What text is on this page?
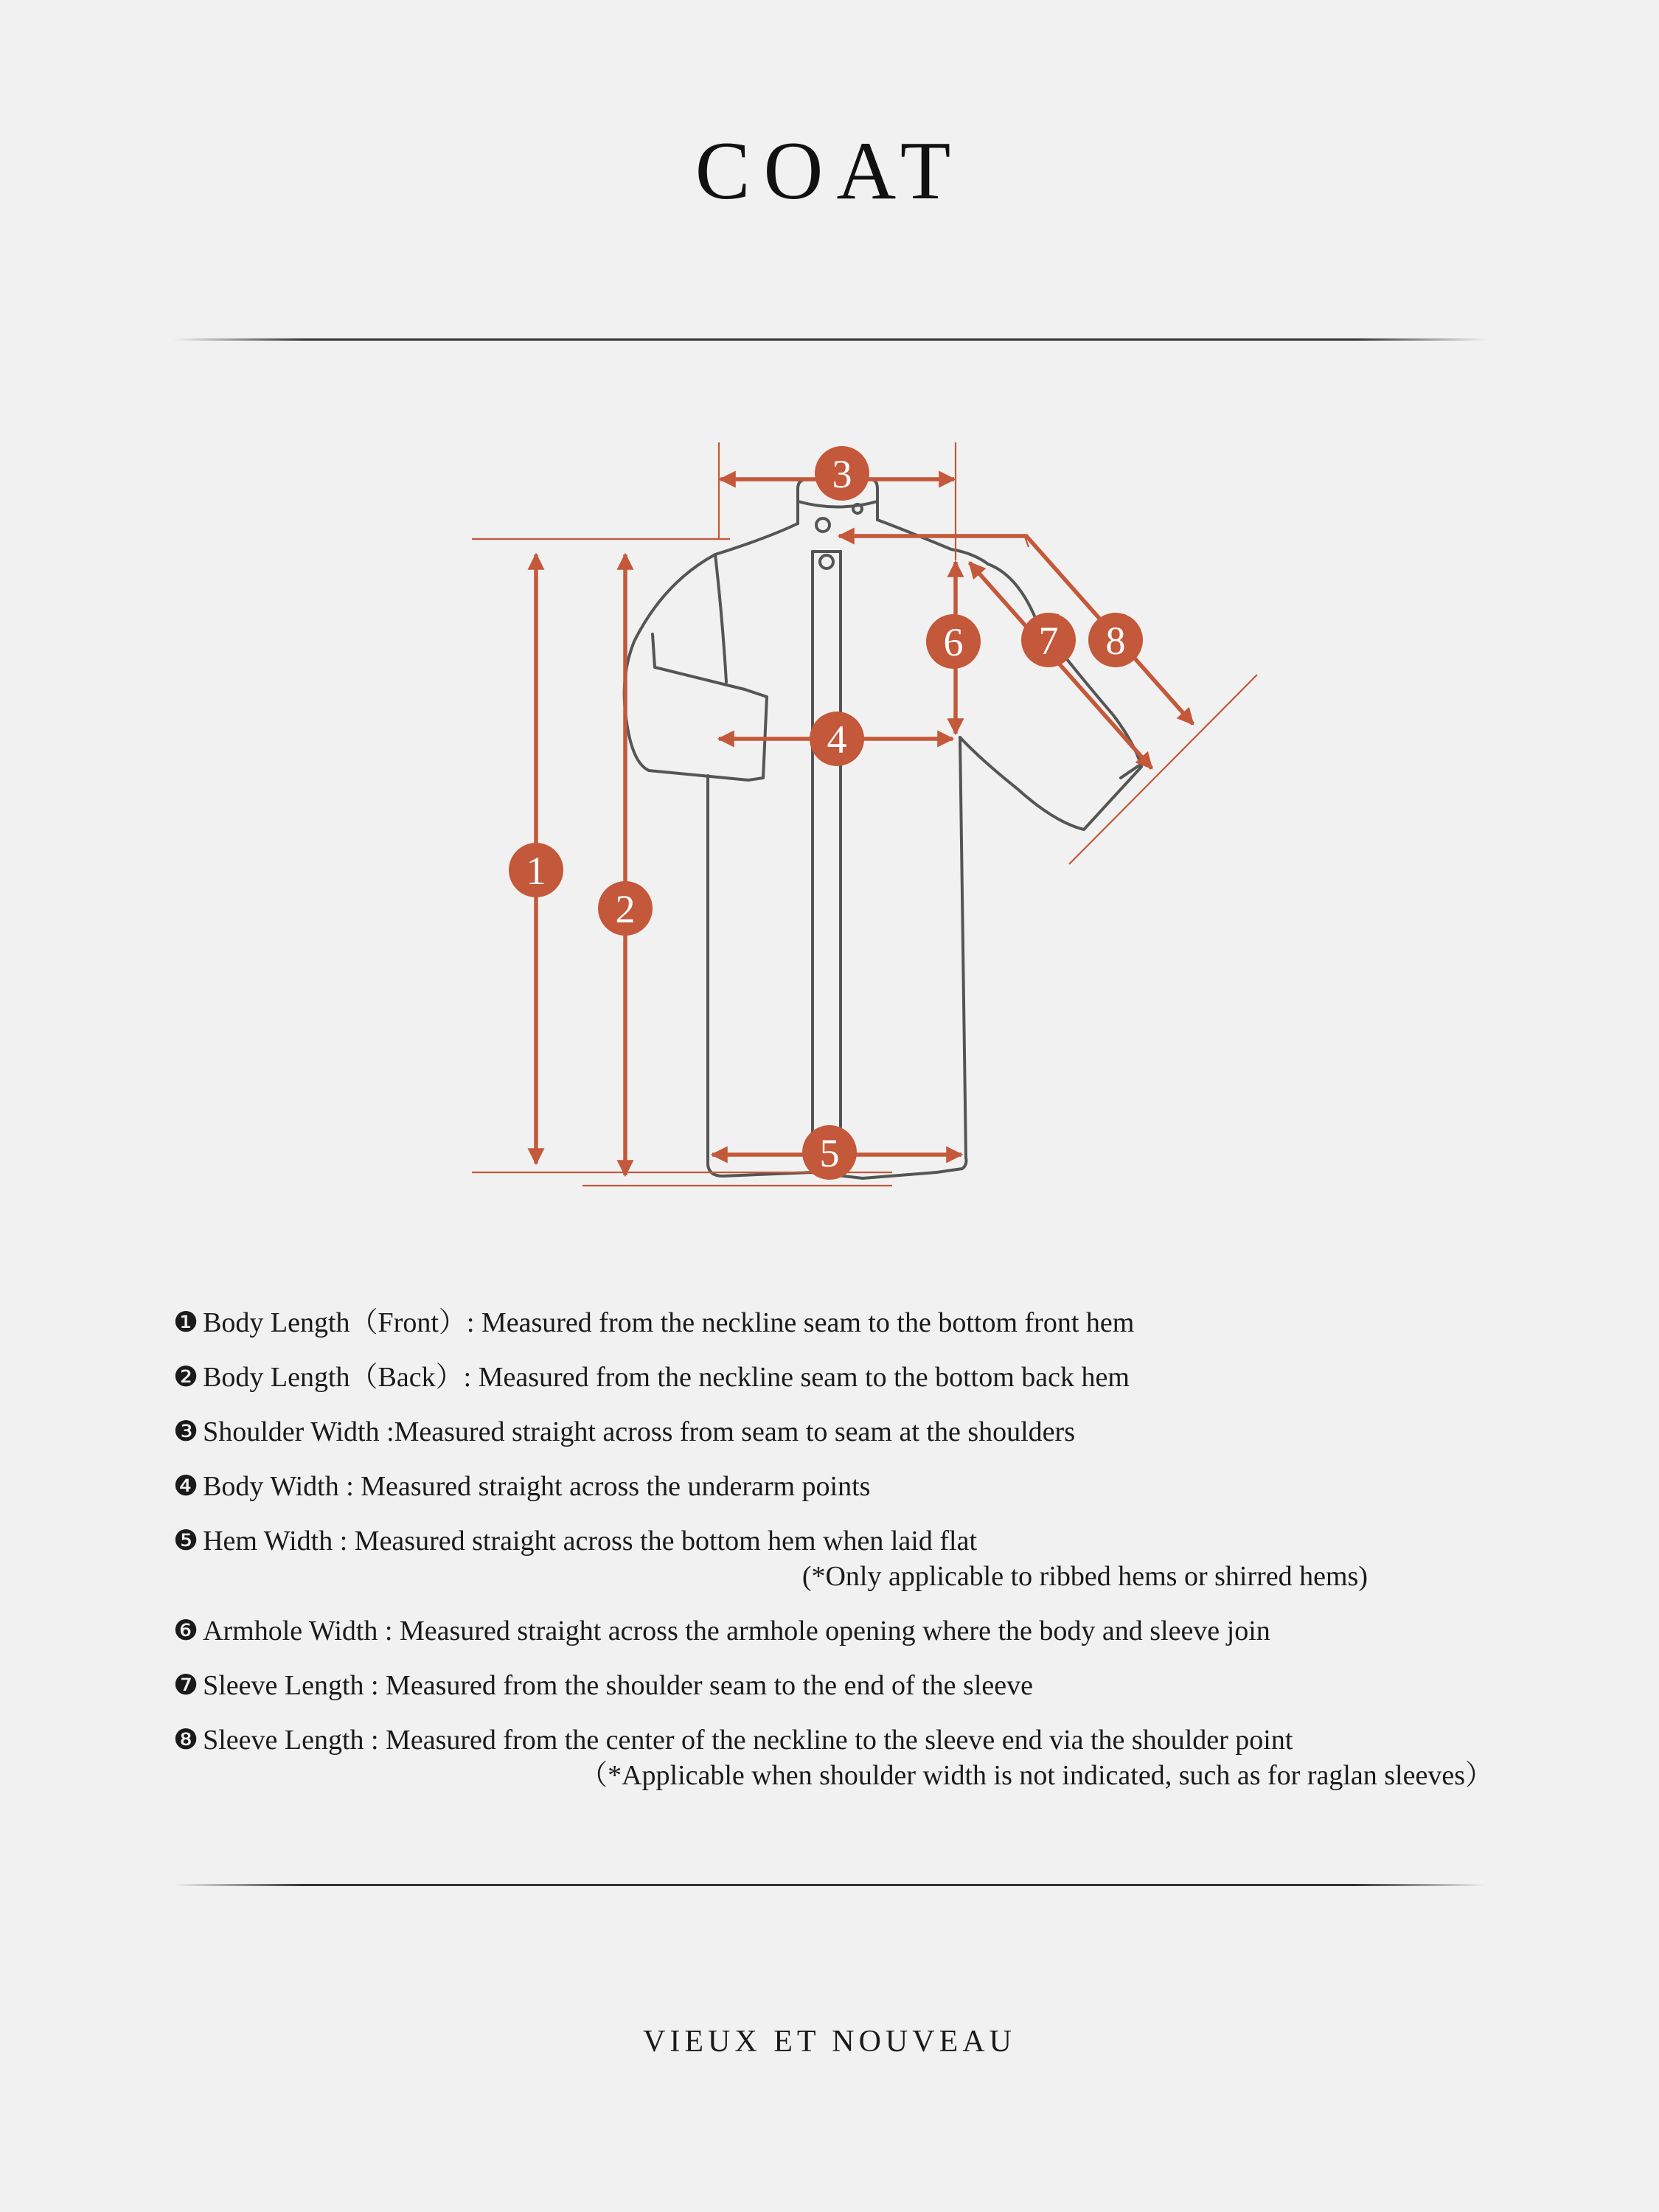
COAT
1
2
3
4
5
6 7 8
❶ Body Length（Front）: Measured from the neckline seam to the bottom front hem
❷ Body Length（Back）: Measured from the neckline seam to the bottom back hem
❸ Shoulder Width :Measured straight across from seam to seam at the shoulders
❹ Body Width : Measured straight across the underarm points
❺ Hem Width : Measured straight across the bottom hem when laid flat
(*Only applicable to ribbed hems or shirred hems)
❻ Armhole Width : Measured straight across the armhole opening where the body and sleeve join
❼ Sleeve Length : Measured from the shoulder seam to the end of the sleeve
❽ Sleeve Length : Measured from the center of the neckline to the sleeve end via the shoulder point
（*Applicable when shoulder width is not indicated, such as for raglan sleeves）
VIEUX ET NOUVEAU
